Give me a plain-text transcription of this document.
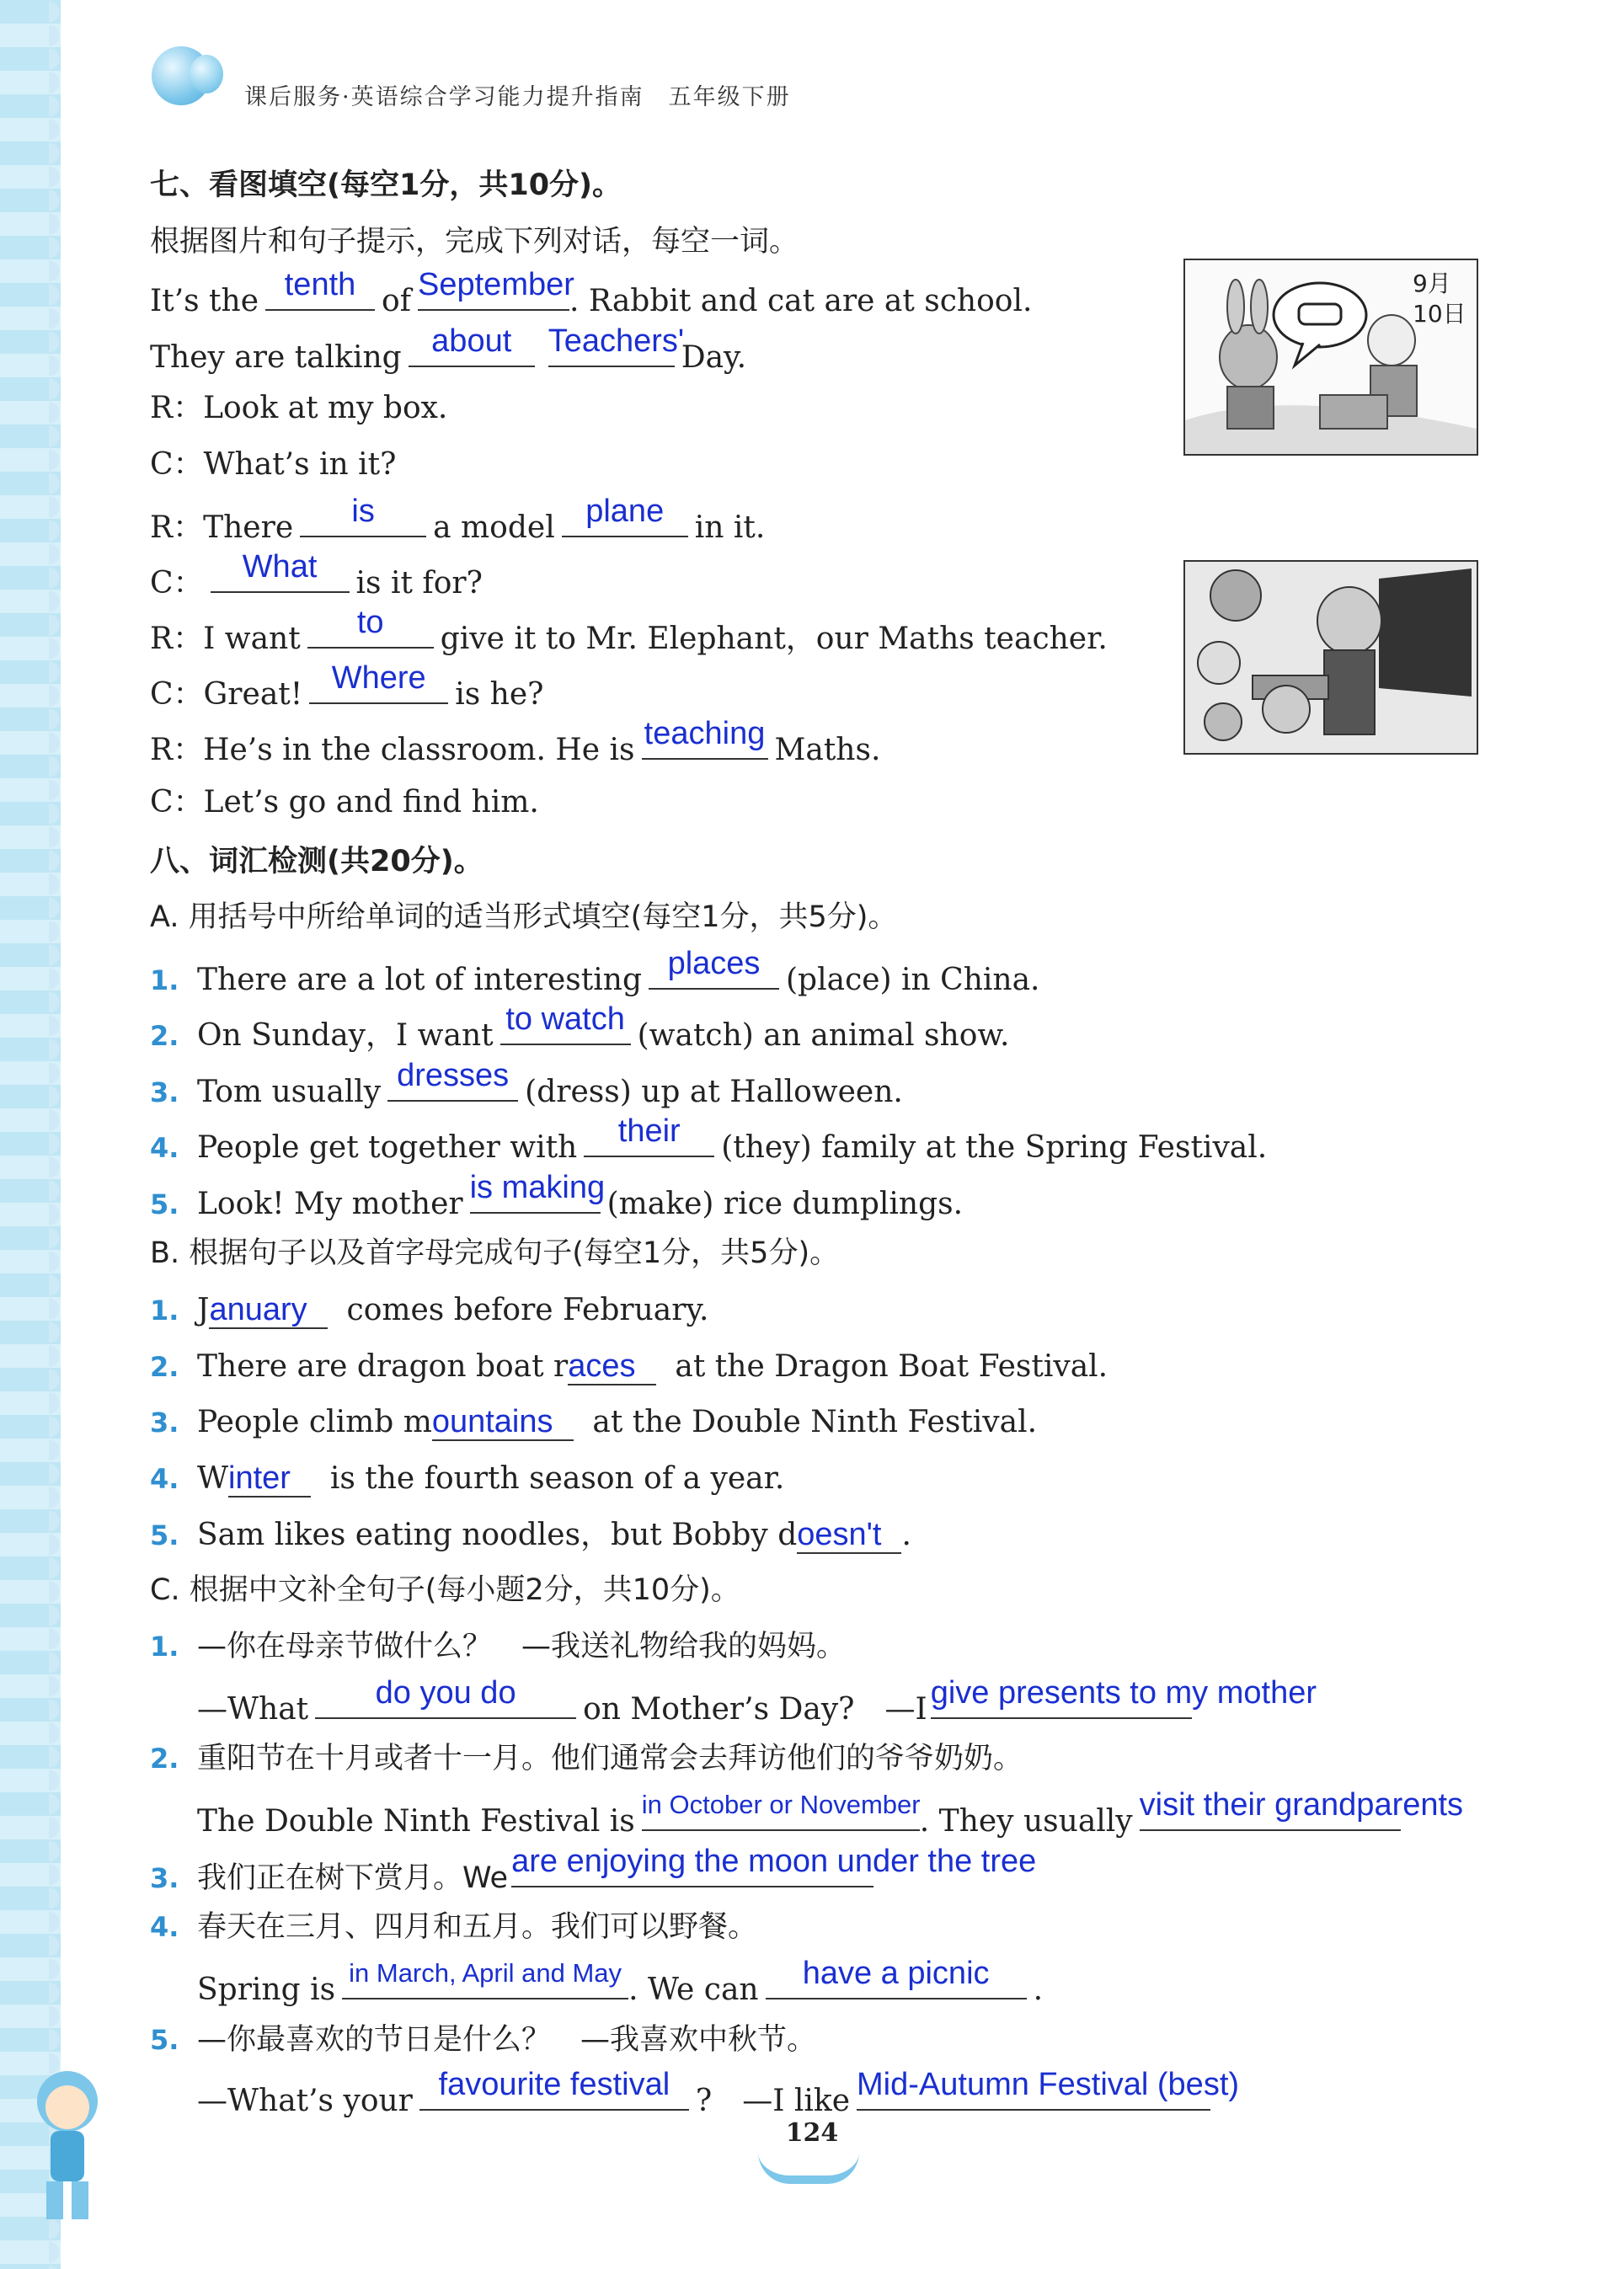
课后服务·英语综合学习能力提升指南　五年级下册
七、看图填空(每空1分，共10分)。
根据图片和句子提示，完成下列对话，每空一词。
It’s the tenth of September
. Rabbit and cat are at school.
They are talking about	Teachers'
Day.
R：Look at my box.
C：What’s in it?
R：There	is	a model plane	in it.
C：	What	is it for?
R：I want	to	give it to Mr. Elephant，our Maths teacher.
C：Great! Where is he?
R：He’s in the classroom. He is teaching Maths.
C：Let’s go and find him.
八、词汇检测(共20分)。
A. 用括号中所给单词的适当形式填空(每空1分，共5分)。
1. There are a lot of interesting places (place) in China.
2. On Sunday，I want to watch (watch) an animal show.
3. Tom usually dresses (dress) up at Halloween.
4. People get together with	their	(they) family at the Spring Festival.
5. Look! My mother is making (make) rice dumplings.
B. 根据句子以及首字母完成句子(每空1分，共5分)。
1. January comes before February.
2. There are dragon boat races at the Dragon Boat Festival.
3. People climb mountains at the Double Ninth Festival.
4. Winter is the fourth season of a year.
5. Sam likes eating noodles，but Bobby doesn't .
C. 根据中文补全句子(每小题2分，共10分)。
1. —你在母亲节做什么？　—我送礼物给我的妈妈。
—What	do you do	on Mother’s Day?　—I give presents to my mother
2. 重阳节在十月或者十一月。他们通常会去拜访他们的爷爷奶奶。
The Double Ninth Festival is in October or November . They usually visit their grandparents
3. 我们正在树下赏月。We are enjoying the moon under the tree
4. 春天在三月、四月和五月。我们可以野餐。
Spring is in March, April and May . We can	have a picnic	.
5. —你最喜欢的节日是什么？　—我喜欢中秋节。
—What’s your favourite festival ?　—I like Mid-Autumn Festival (best)
9月
10日
124
